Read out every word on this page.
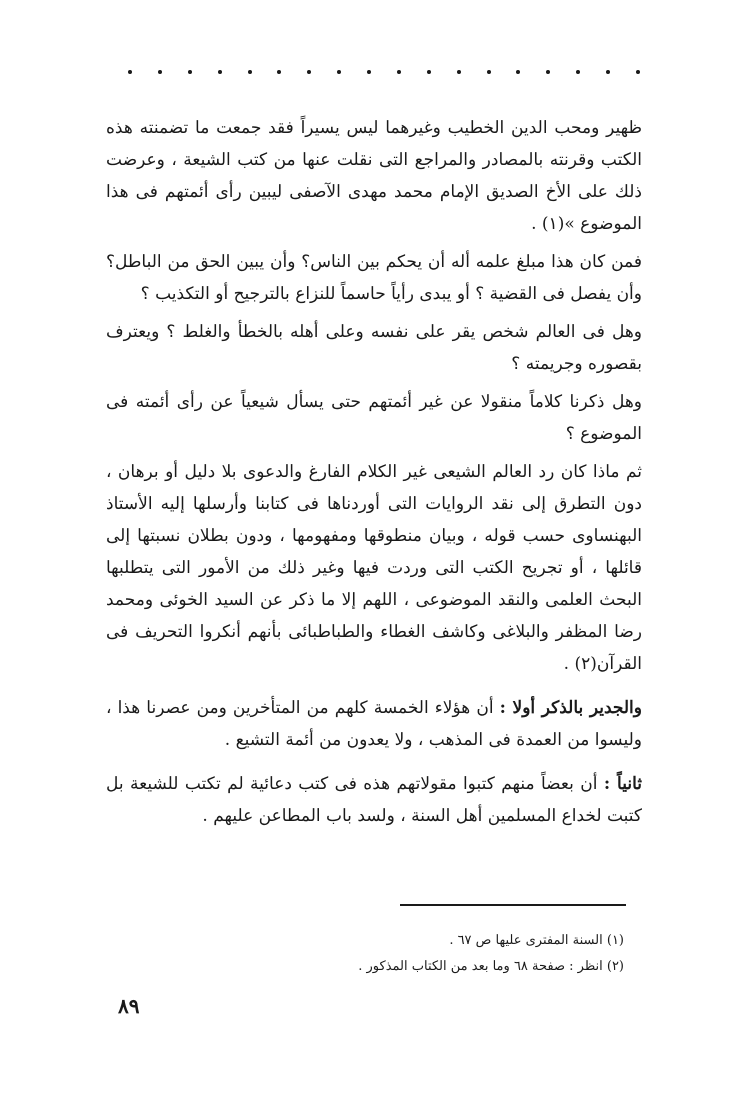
ظهير ومحب الدين الخطيب وغيرهما ليس يسيراً فقد جمعت ما تضمنته هذه الكتب وقرنته بالمصادر والمراجع التى نقلت عنها من كتب الشيعة ، وعرضت ذلك على الأخ الصديق الإمام محمد مهدى الآصفى ليبين رأى أئمتهم فى هذا الموضوع »(١) .

فمن كان هذا مبلغ علمه أله أن يحكم بين الناس؟ وأن يبين الحق من الباطل؟ وأن يفصل فى القضية ؟ أو يبدى رأياً حاسماً للنزاع بالترجيح أو التكذيب ؟

وهل فى العالم شخص يقر على نفسه وعلى أهله بالخطأ والغلط ؟ ويعترف بقصوره وجريمته ؟

وهل ذكرنا كلاماً منقولا عن غير أئمتهم حتى يسأل شيعياً عن رأى أئمته فى الموضوع ؟

ثم ماذا كان رد العالم الشيعى غير الكلام الفارغ والدعوى بلا دليل أو برهان ، دون التطرق إلى نقد الروايات التى أوردناها فى كتابنا وأرسلها إليه الأستاذ البهنساوى حسب قوله ، وبيان منطوقها ومفهومها ، ودون بطلان نسبتها إلى قائلها ، أو تجريح الكتب التى وردت فيها وغير ذلك من الأمور التى يتطلبها البحث العلمى والنقد الموضوعى ، اللهم إلا ما ذكر عن السيد الخوئى ومحمد رضا المظفر والبلاغى وكاشف الغطاء والطباطبائى بأنهم أنكروا التحريف فى القرآن(٢) .

والجدير بالذكر أولا : أن هؤلاء الخمسة كلهم من المتأخرين ومن عصرنا هذا ، وليسوا من العمدة فى المذهب ، ولا يعدون من أئمة التشيع .

ثانياً : أن بعضاً منهم كتبوا مقولاتهم هذه فى كتب دعائية لم تكتب للشيعة بل كتبت لخداع المسلمين أهل السنة ، ولسد باب المطاعن عليهم .

(١) السنة المفترى عليها ص ٦٧ .

(٢) انظر : صفحة ٦٨ وما بعد من الكتاب المذكور .

٨٩
